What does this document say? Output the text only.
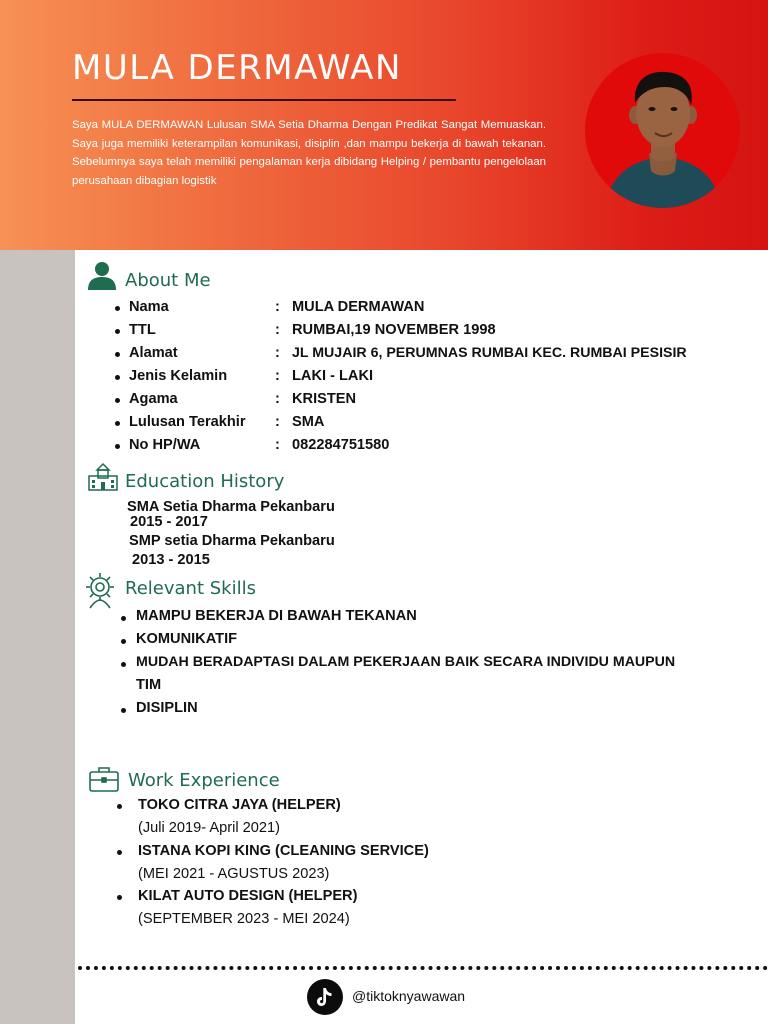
MULA DERMAWAN

Saya MULA DERMAWAN Lulusan SMA Setia Dharma Dengan Predikat Sangat Memuaskan. Saya juga memiliki keterampilan komunikasi, disiplin ,dan mampu bekerja di bawah tekanan. Sebelumnya saya telah memiliki pengalaman kerja dibidang Helping / pembantu pengelolaan perusahaan dibagian logistik

About Me
Nama	: MULA DERMAWAN
TTL	: RUMBAI,19 NOVEMBER 1998
Alamat	: JL MUJAIR 6, PERUMNAS RUMBAI KEC. RUMBAI PESISIR
Jenis Kelamin	: LAKI - LAKI
Agama	: KRISTEN
Lulusan Terakhir : SMA
No HP/WA	: 082284751580
Education History
SMA Setia Dharma Pekanbaru
2015 - 2017
SMP setia Dharma Pekanbaru
2013 - 2015
Relevant Skills
MAMPU BEKERJA DI BAWAH TEKANAN
KOMUNIKATIF
MUDAH BERADAPTASI DALAM PEKERJAAN BAIK SECARA INDIVIDU MAUPUN
TIM
DISIPLIN
Work Experience
TOKO CITRA JAYA (HELPER)
(Juli 2019- April 2021)
ISTANA KOPI KING (CLEANING SERVICE)
(MEI 2021 - AGUSTUS 2023)
KILAT AUTO DESIGN (HELPER)
(SEPTEMBER 2023 - MEI 2024)
@tiktoknyawawan
